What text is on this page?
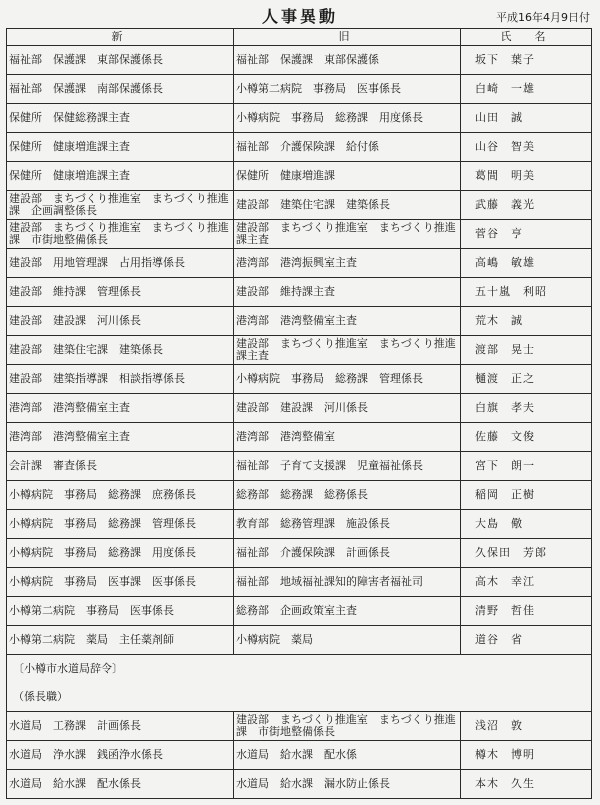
人事異動	平成16年4月9日付
新	旧	氏　名
福祉部　保護課　東部保護係長	福祉部　保護課　東部保護係	坂下　葉子
福祉部　保護課　南部保護係長	小樽第二病院　事務局　医事係長	白崎　一雄
保健所　保健総務課主査	小樽病院　事務局　総務課　用度係長	山田　誠
保健所　健康増進課主査	福祉部　介護保険課　給付係	山谷　智美
保健所　健康増進課主査	保健所　健康増進課	葛間　明美
建設部　まちづくり推進室　まちづくり推進課　企画調整係長	建設部　建築住宅課　建築係長	武藤　義光
建設部　まちづくり推進室　まちづくり推進課　市街地整備係長	建設部　まちづくり推進室　まちづくり推進課主査	菅谷　亨
建設部　用地管理課　占用指導係長	港湾部　港湾振興室主査	高嶋　敏雄
建設部　維持課　管理係長	建設部　維持課主査	五十嵐　利昭
建設部　建設課　河川係長	港湾部　港湾整備室主査	荒木　誠
建設部　建築住宅課　建築係長	建設部　まちづくり推進室　まちづくり推進課主査	渡部　晃士
建設部　建築指導課　相談指導係長	小樽病院　事務局　総務課　管理係長	樋渡　正之
港湾部　港湾整備室主査	建設部　建設課　河川係長	白旗　孝夫
港湾部　港湾整備室主査	港湾部　港湾整備室	佐藤　文俊
会計課　審査係長	福祉部　子育て支援課　児童福祉係長	宮下　朗一
小樽病院　事務局　総務課　庶務係長	総務部　総務課　総務係長	稲岡　正樹
小樽病院　事務局　総務課　管理係長	教育部　総務管理課　施設係長	大島　儆
小樽病院　事務局　総務課　用度係長	福祉部　介護保険課　計画係長	久保田　芳郎
小樽病院　事務局　医事課　医事係長	福祉部　地域福祉課知的障害者福祉司	高木　幸江
小樽第二病院　事務局　医事係長	総務部　企画政策室主査	清野　哲佳
小樽第二病院　薬局　主任薬剤師	小樽病院　薬局	道谷　省
〔小樽市水道局辞令〕		
（係長職）		
水道局　工務課　計画係長	建設部　まちづくり推進室　まちづくり推進課　市街地整備係長	浅沼　敦
水道局　浄水課　銭函浄水係長	水道局　給水課　配水係	樽木　博明
水道局　給水課　配水係長	水道局　給水課　漏水防止係長	本木　久生
